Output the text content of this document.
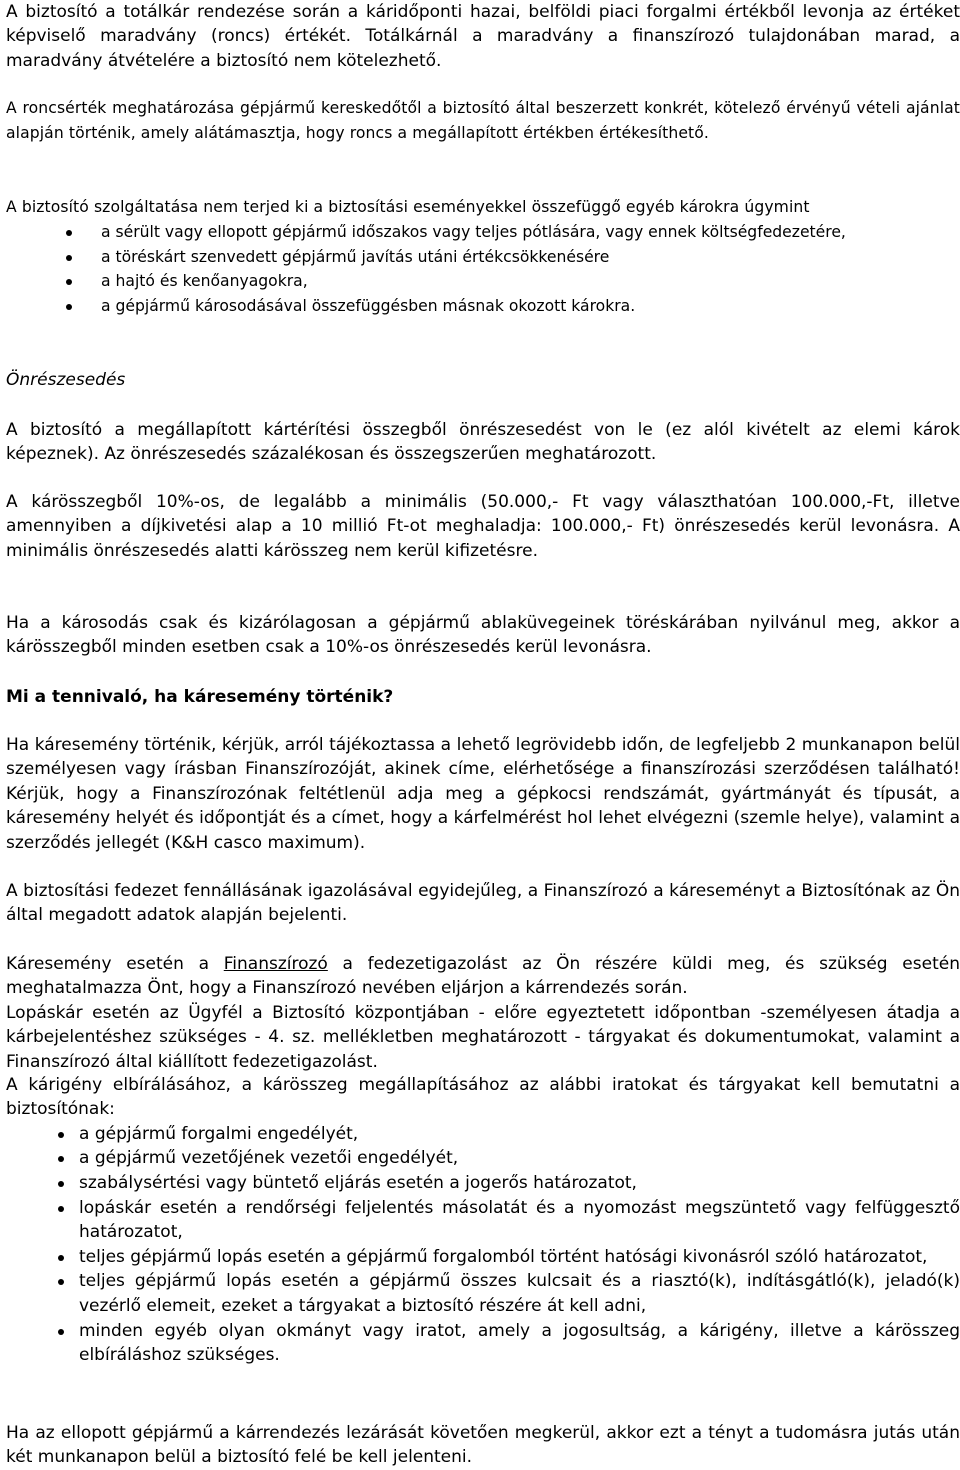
A biztosító a totálkár rendezése során a káridőponti hazai, belföldi piaci forgalmi értékből levonja az értéket képviselő maradvány (roncs) értékét. Totálkárnál a maradvány a finanszírozó tulajdonában marad, a maradvány átvételére a biztosító nem kötelezhető.

A roncsérték meghatározása gépjármű kereskedőtől a biztosító által beszerzett konkrét, kötelező érvényű vételi ajánlat alapján történik, amely alátámasztja, hogy roncs a megállapított értékben értékesíthető.

A biztosító szolgáltatása nem terjed ki a biztosítási eseményekkel összefüggő egyéb károkra úgymint

a sérült vagy ellopott gépjármű időszakos vagy teljes pótlására, vagy ennek költségfedezetére,
a töréskárt szenvedett gépjármű javítás utáni értékcsökkenésére
a hajtó és kenőanyagokra,
a gépjármű károsodásával összefüggésben másnak okozott károkra.

Önrészesedés

A biztosító a megállapított kártérítési összegből önrészesedést von le (ez alól kivételt az elemi károk képeznek). Az önrészesedés százalékosan és összegszerűen meghatározott.

A kárösszegből 10%-os, de legalább a minimális (50.000,- Ft vagy választhatóan 100.000,-Ft, illetve amennyiben a díjkivetési alap a 10 millió Ft-ot meghaladja: 100.000,- Ft) önrészesedés kerül levonásra. A minimális önrészesedés alatti kárösszeg nem kerül kifizetésre.

Ha a károsodás csak és kizárólagosan a gépjármű ablaküvegeinek töréskárában nyilvánul meg, akkor a kárösszegből minden esetben csak a 10%-os önrészesedés kerül levonásra.

Mi a tennivaló, ha káresemény történik?

Ha káresemény történik, kérjük, arról tájékoztassa a lehető legrövidebb időn, de legfeljebb 2 munkanapon belül személyesen vagy írásban Finanszírozóját, akinek címe, elérhetősége a finanszírozási szerződésen található! Kérjük, hogy a Finanszírozónak feltétlenül adja meg a gépkocsi rendszámát, gyártmányát és típusát, a káresemény helyét és időpontját és a címet, hogy a kárfelmérést hol lehet elvégezni (szemle helye), valamint a szerződés jellegét (K&H casco maximum).

A biztosítási fedezet fennállásának igazolásával egyidejűleg, a Finanszírozó a káreseményt a Biztosítónak az Ön által megadott adatok alapján bejelenti.

Káresemény esetén a Finanszírozó a fedezetigazolást az Ön részére küldi meg, és szükség esetén meghatalmazza Önt, hogy a Finanszírozó nevében eljárjon a kárrendezés során.

Lopáskár esetén az Ügyfél a Biztosító központjában - előre egyeztetett időpontban -személyesen átadja a kárbejelentéshez szükséges - 4. sz. mellékletben meghatározott - tárgyakat és dokumentumokat, valamint a Finanszírozó által kiállított fedezetigazolást.

A kárigény elbírálásához, a kárösszeg megállapításához az alábbi iratokat és tárgyakat kell bemutatni a biztosítónak:

a gépjármű forgalmi engedélyét,
a gépjármű vezetőjének vezetői engedélyét,
szabálysértési vagy büntető eljárás esetén a jogerős határozatot,
lopáskár esetén a rendőrségi feljelentés másolatát és a nyomozást megszüntető vagy felfüggesztő határozatot,
teljes gépjármű lopás esetén a gépjármű forgalomból történt hatósági kivonásról szóló határozatot,
teljes gépjármű lopás esetén a gépjármű összes kulcsait és a riasztó(k), indításgátló(k), jeladó(k) vezérlő elemeit, ezeket a tárgyakat a biztosító részére át kell adni,
minden egyéb olyan okmányt vagy iratot, amely a jogosultság, a kárigény, illetve a kárösszeg elbíráláshoz szükséges.

Ha az ellopott gépjármű a kárrendezés lezárását követően megkerül, akkor ezt a tényt a tudomásra jutás után két munkanapon belül a biztosító felé be kell jelenteni.
